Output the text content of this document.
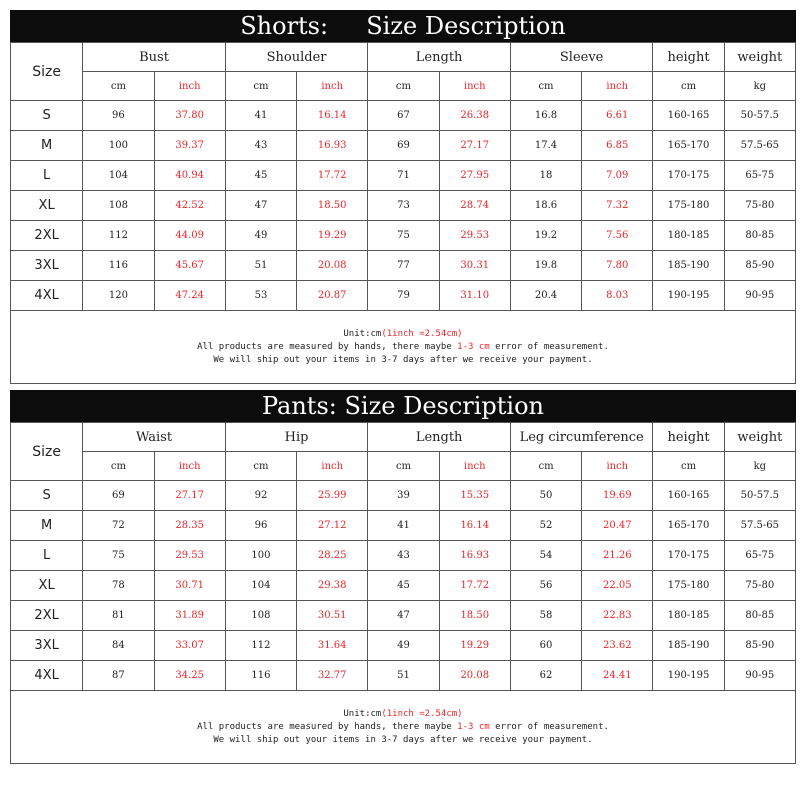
Shorts:     Size Description
Size	Bust		Shoulder		Length		Sleeve		height	weight
	cm	inch	cm	inch	cm	inch	cm	inch	cm	kg
S	96	37.80	41	16.14	67	26.38	16.8	6.61	160-165	50-57.5
M	100	39.37	43	16.93	69	27.17	17.4	6.85	165-170	57.5-65
L	104	40.94	45	17.72	71	27.95	18	7.09	170-175	65-75
XL	108	42.52	47	18.50	73	28.74	18.6	7.32	175-180	75-80
2XL	112	44.09	49	19.29	75	29.53	19.2	7.56	180-185	80-85
3XL	116	45.67	51	20.08	77	30.31	19.8	7.80	185-190	85-90
4XL	120	47.24	53	20.87	79	31.10	20.4	8.03	190-195	90-95

Unit:cm(1inch =2.54cm)
All products are measured by hands, there maybe 1-3 cm error of measurement.
We will ship out your items in 3-7 days after we receive your payment.										
Pants: Size Description
Size	Waist		Hip		Length		Leg circumference		height	weight
	cm	inch	cm	inch	cm	inch	cm	inch	cm	kg
S	69	27.17	92	25.99	39	15.35	50	19.69	160-165	50-57.5
M	72	28.35	96	27.12	41	16.14	52	20.47	165-170	57.5-65
L	75	29.53	100	28.25	43	16.93	54	21.26	170-175	65-75
XL	78	30.71	104	29.38	45	17.72	56	22.05	175-180	75-80
2XL	81	31.89	108	30.51	47	18.50	58	22.83	180-185	80-85
3XL	84	33.07	112	31.64	49	19.29	60	23.62	185-190	85-90
4XL	87	34.25	116	32.77	51	20.08	62	24.41	190-195	90-95

Unit:cm(1inch =2.54cm)
All products are measured by hands, there maybe 1-3 cm error of measurement.
We will ship out your items in 3-7 days after we receive your payment.										
